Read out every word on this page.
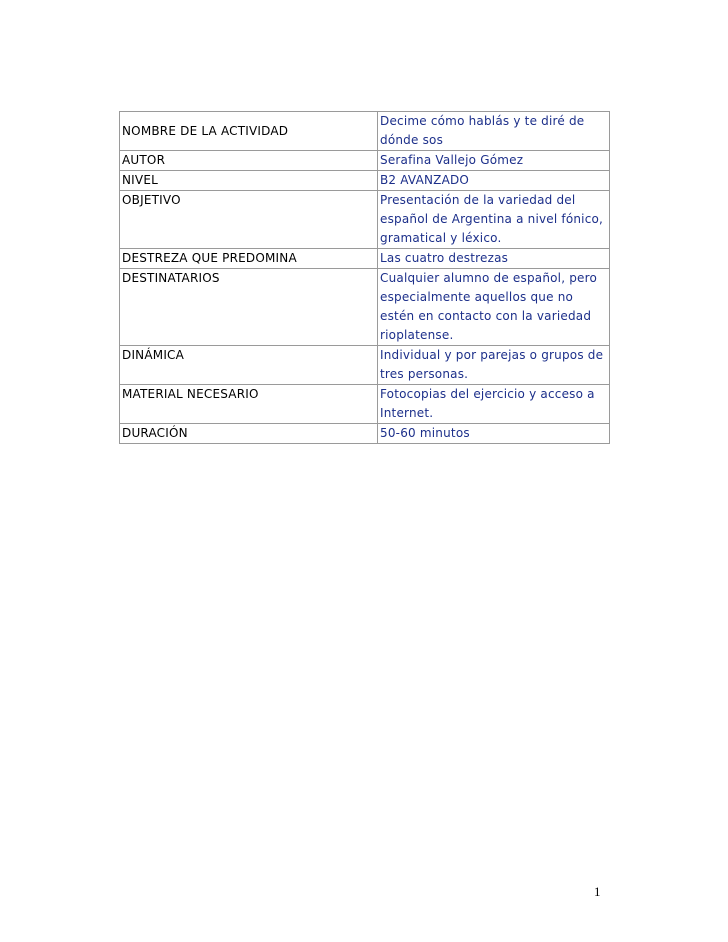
NOMBRE DE LA ACTIVIDAD	Decime cómo hablás y te diré de dónde sos
AUTOR	Serafina Vallejo Gómez
NIVEL	B2 AVANZADO
OBJETIVO	Presentación de la variedad del español de Argentina a nivel fónico, gramatical y léxico.
DESTREZA QUE PREDOMINA	Las cuatro destrezas
DESTINATARIOS	Cualquier alumno de español, pero especialmente aquellos que no estén en contacto con la variedad rioplatense.
DINÁMICA	Individual y por parejas o grupos de tres personas.
MATERIAL NECESARIO	Fotocopias del ejercicio y acceso a Internet.
DURACIÓN	50-60 minutos
1
